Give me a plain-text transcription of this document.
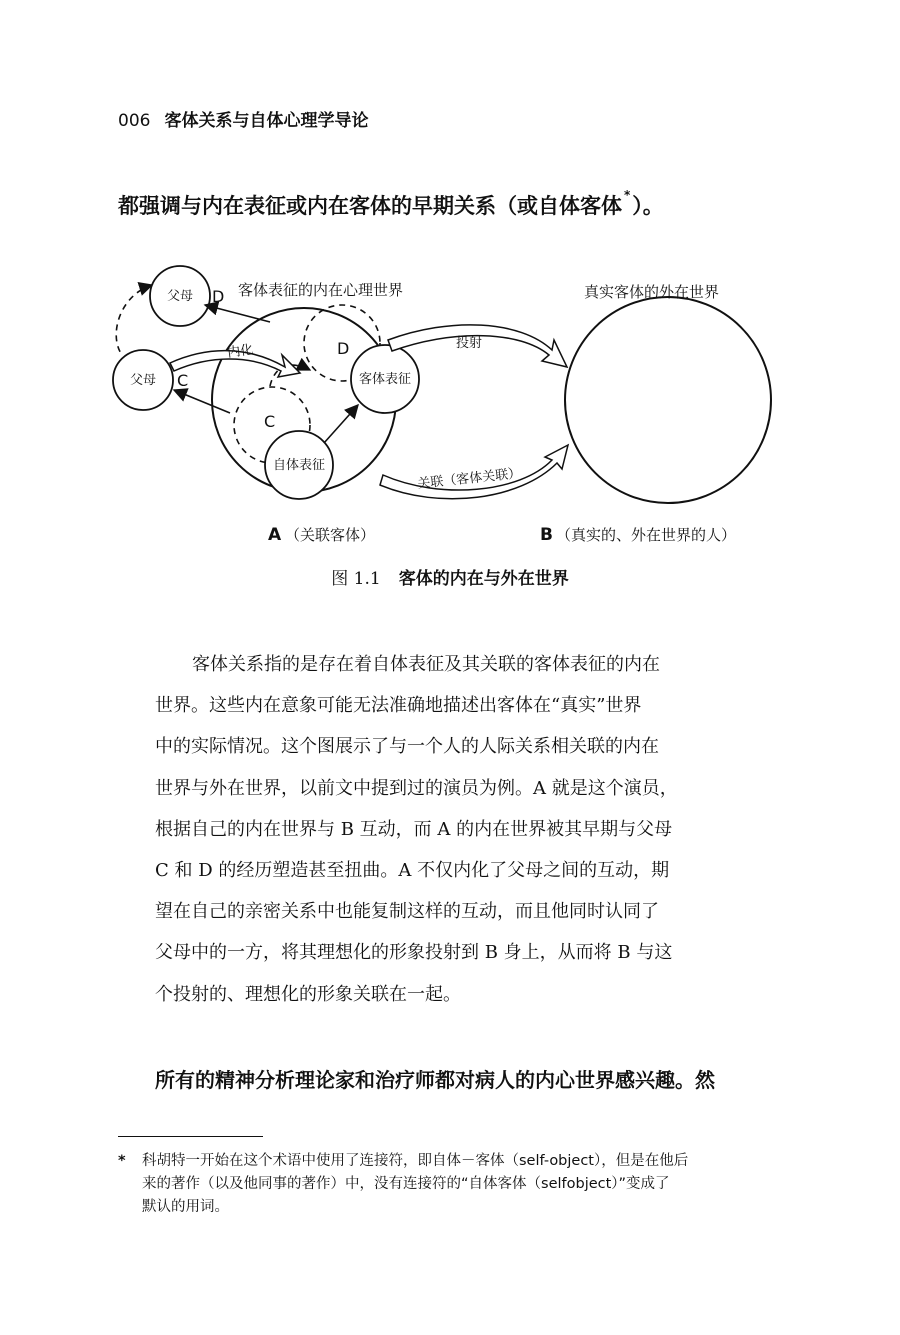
006 客体关系与自体心理学导论
都强调与内在表征或内在客体的早期关系（或自体客体 *）。
客体表征的内在心理世界	真实客体的外在世界
父母
父母
D
C
D
C
客体表征
自体表征
内化	投射
关联（客体关联）
A （关联客体）	B （真实的、外在世界的人）
图 1.1 客体的内在与外在世界
客体关系指的是存在着自体表征及其关联的客体表征的内在
世界。这些内在意象可能无法准确地描述出客体在“真实”世界
中的实际情况。这个图展示了与一个人的人际关系相关联的内在
世界与外在世界，以前文中提到过的演员为例。A 就是这个演员，
根据自己的内在世界与 B 互动，而 A 的内在世界被其早期与父母
C 和 D 的经历塑造甚至扭曲。A 不仅内化了父母之间的互动，期
望在自己的亲密关系中也能复制这样的互动，而且他同时认同了
父母中的一方，将其理想化的形象投射到 B 身上，从而将 B 与这
个投射的、理想化的形象关联在一起。
所有的精神分析理论家和治疗师都对病人的内心世界感兴趣。然
* 科胡特一开始在这个术语中使用了连接符，即自体－客体（self-object），但是在他后
来的著作（以及他同事的著作）中，没有连接符的“自体客体（selfobject）”变成了
默认的用词。
